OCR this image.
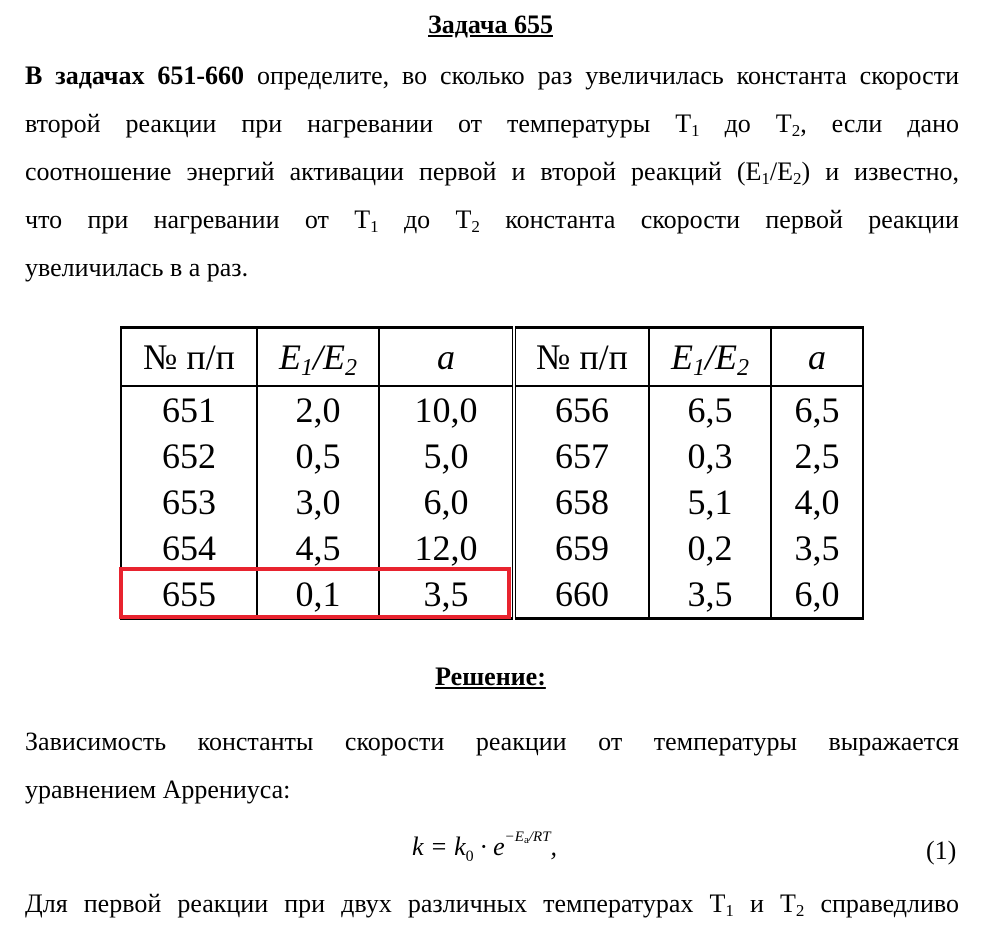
Задача 655
В задачах 651-660 определите, во сколько раз увеличилась константа скорости
второй реакции при нагревании от температуры $T_1$ до $T_2$, если дано
соотношение энергий активации первой и второй реакций $(E_1/E_2)$ и известно,
что при нагревании от $T_1$ до $T_2$ константа скорости первой реакции
увеличилась в a раз.
№ п/п	$E_1/E_2$	a	№ п/п	$E_1/E_2$	a
651	2,0	10,0	656	6,5	6,5
652	0,5	5,0	657	0,3	2,5
653	3,0	6,0	658	5,1	4,0
654	4,5	12,0	659	0,2	3,5
655	0,1	3,5	660	3,5	6,0
Решение:
Зависимость константы скорости реакции от температуры выражается
уравнением Аррениуса:
$k = k_0 \cdot e^{-E_a/RT}$,	(1)
Для первой реакции при двух различных температурах $T_1$ и $T_2$ справедливо
